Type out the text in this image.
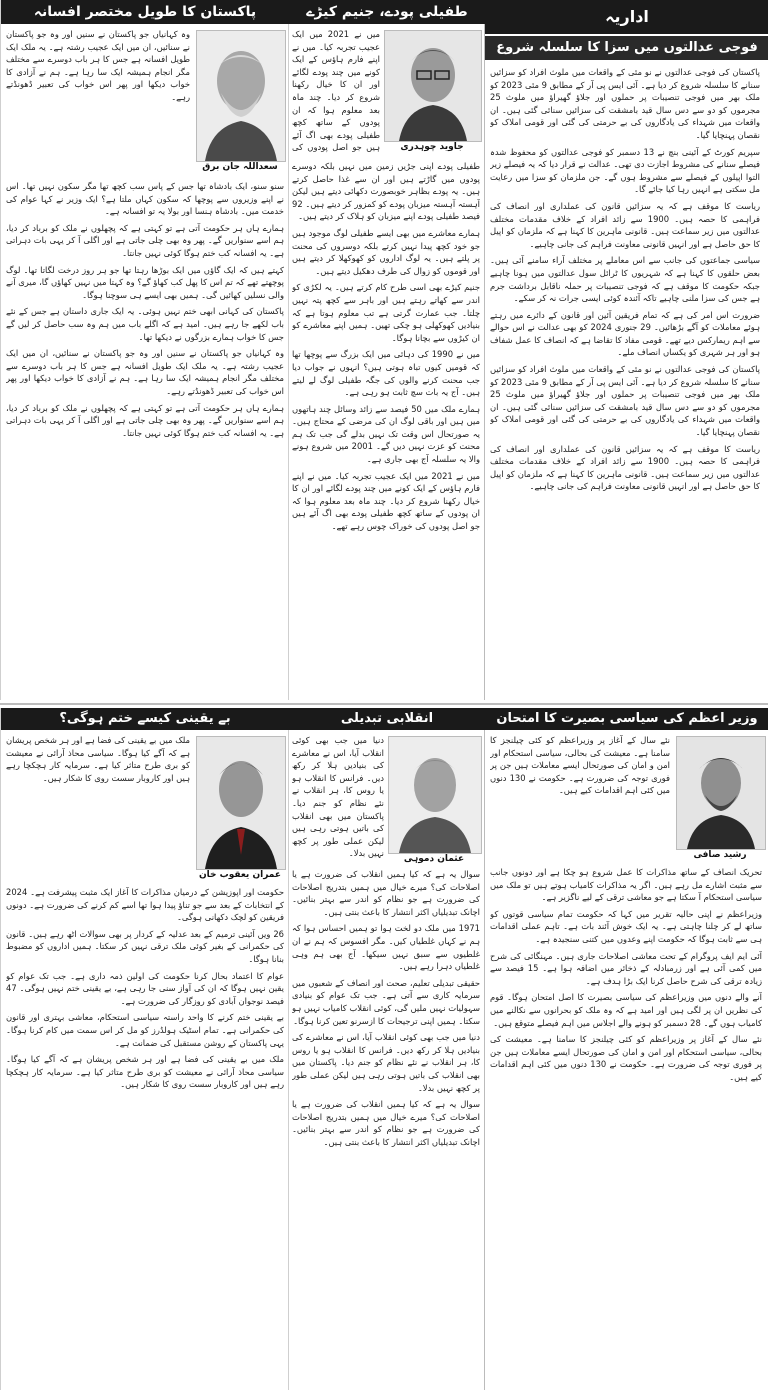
اداریہ
فوجی عدالتوں میں سزا کا سلسلہ شروع

پاکستان کی فوجی عدالتوں نے نو مئی کے واقعات میں ملوث افراد کو سزائیں سنانے کا سلسلہ شروع کر دیا ہے۔ آئی ایس پی آر کے مطابق 9 مئی 2023 کو ملک بھر میں فوجی تنصیبات پر حملوں اور جلاؤ گھیراؤ میں ملوث 25 مجرموں کو دو سے دس سال قید بامشقت کی سزائیں سنائی گئی ہیں۔ ان واقعات میں شہداء کی یادگاروں کی بے حرمتی کی گئی اور قومی املاک کو نقصان پہنچایا گیا۔

سپریم کورٹ کے آئینی بنچ نے 13 دسمبر کو فوجی عدالتوں کو محفوظ شدہ فیصلے سنانے کی مشروط اجازت دی تھی۔ عدالت نے قرار دیا کہ یہ فیصلے زیر التوا اپیلوں کے فیصلے سے مشروط ہوں گے۔ جن ملزمان کو سزا میں رعایت مل سکتی ہے انہیں رہا کیا جائے گا۔

ریاست کا موقف ہے کہ یہ سزائیں قانون کی عملداری اور انصاف کی فراہمی کا حصہ ہیں۔ 1900 سے زائد افراد کے خلاف مقدمات مختلف عدالتوں میں زیر سماعت ہیں۔ قانونی ماہرین کا کہنا ہے کہ ملزمان کو اپیل کا حق حاصل ہے اور انہیں قانونی معاونت فراہم کی جانی چاہیے۔

سیاسی جماعتوں کی جانب سے اس معاملے پر مختلف آراء سامنے آئی ہیں۔ بعض حلقوں کا کہنا ہے کہ شہریوں کا ٹرائل سول عدالتوں میں ہونا چاہیے جبکہ حکومت کا موقف ہے کہ فوجی تنصیبات پر حملہ ناقابل برداشت جرم ہے جس کی سزا ملنی چاہیے تاکہ آئندہ کوئی ایسی جرات نہ کر سکے۔

ضرورت اس امر کی ہے کہ تمام فریقین آئین اور قانون کے دائرے میں رہتے ہوئے معاملات کو آگے بڑھائیں۔ 29 جنوری 2024 کو بھی عدالت نے اس حوالے سے اہم ریمارکس دیے تھے۔ قومی مفاد کا تقاضا ہے کہ انصاف کا عمل شفاف ہو اور ہر شہری کو یکساں انصاف ملے۔

پاکستان کی فوجی عدالتوں نے نو مئی کے واقعات میں ملوث افراد کو سزائیں سنانے کا سلسلہ شروع کر دیا ہے۔ آئی ایس پی آر کے مطابق 9 مئی 2023 کو ملک بھر میں فوجی تنصیبات پر حملوں اور جلاؤ گھیراؤ میں ملوث 25 مجرموں کو دو سے دس سال قید بامشقت کی سزائیں سنائی گئی ہیں۔ ان واقعات میں شہداء کی یادگاروں کی بے حرمتی کی گئی اور قومی املاک کو نقصان پہنچایا گیا۔

ریاست کا موقف ہے کہ یہ سزائیں قانون کی عملداری اور انصاف کی فراہمی کا حصہ ہیں۔ 1900 سے زائد افراد کے خلاف مقدمات مختلف عدالتوں میں زیر سماعت ہیں۔ قانونی ماہرین کا کہنا ہے کہ ملزمان کو اپیل کا حق حاصل ہے اور انہیں قانونی معاونت فراہم کی جانی چاہیے۔

طفیلی پودے، جنیم کیڑے
جاوید چوہدری

میں نے 2021 میں ایک عجیب تجربہ کیا۔ میں نے اپنے فارم ہاؤس کے ایک کونے میں چند پودے لگائے اور ان کا خیال رکھنا شروع کر دیا۔ چند ماہ بعد معلوم ہوا کہ ان پودوں کے ساتھ کچھ طفیلی پودے بھی اگ آئے ہیں جو اصل پودوں کی

طفیلی پودے اپنی جڑیں زمین میں نہیں بلکہ دوسرے پودوں میں گاڑتے ہیں اور ان سے غذا حاصل کرتے ہیں۔ یہ پودے بظاہر خوبصورت دکھائی دیتے ہیں لیکن آہستہ آہستہ میزبان پودے کو کمزور کر دیتے ہیں۔ 92 فیصد طفیلی پودے اپنے میزبان کو ہلاک کر دیتے ہیں۔

ہمارے معاشرے میں بھی ایسے طفیلی لوگ موجود ہیں جو خود کچھ پیدا نہیں کرتے بلکہ دوسروں کی محنت پر پلتے ہیں۔ یہ لوگ اداروں کو کھوکھلا کر دیتے ہیں اور قوموں کو زوال کی طرف دھکیل دیتے ہیں۔

جنیم کیڑے بھی اسی طرح کام کرتے ہیں۔ یہ لکڑی کو اندر سے کھاتے رہتے ہیں اور باہر سے کچھ پتہ نہیں چلتا۔ جب عمارت گرتی ہے تب معلوم ہوتا ہے کہ بنیادیں کھوکھلی ہو چکی تھیں۔ ہمیں اپنے معاشرے کو ان کیڑوں سے بچانا ہوگا۔

میں نے 1990 کی دہائی میں ایک بزرگ سے پوچھا تھا کہ قومیں کیوں تباہ ہوتی ہیں؟ انہوں نے جواب دیا جب محنت کرنے والوں کی جگہ طفیلی لوگ لے لیتے ہیں۔ آج یہ بات سچ ثابت ہو رہی ہے۔

ہمارے ملک میں 50 فیصد سے زائد وسائل چند ہاتھوں میں ہیں اور باقی لوگ ان کی مرضی کے محتاج ہیں۔ یہ صورتحال اس وقت تک نہیں بدلے گی جب تک ہم محنت کو عزت نہیں دیں گے۔ 2001 میں شروع ہونے والا یہ سلسلہ آج بھی جاری ہے۔

میں نے 2021 میں ایک عجیب تجربہ کیا۔ میں نے اپنے فارم ہاؤس کے ایک کونے میں چند پودے لگائے اور ان کا خیال رکھنا شروع کر دیا۔ چند ماہ بعد معلوم ہوا کہ ان پودوں کے ساتھ کچھ طفیلی پودے بھی اگ آئے ہیں جو اصل پودوں کی خوراک چوس رہے تھے۔

پاکستان کا طویل مختصر افسانہ
سعداللہ جان برق

وہ کہانیاں جو پاکستان نے سنیں اور وہ جو پاکستان نے سنائیں، ان میں ایک عجیب رشتہ ہے۔ یہ ملک ایک طویل افسانہ ہے جس کا ہر باب دوسرے سے مختلف مگر انجام ہمیشہ ایک سا رہا ہے۔ ہم نے آزادی کا خواب دیکھا اور پھر اس خواب کی تعبیر ڈھونڈتے رہے۔

سنو سنو، ایک بادشاہ تھا جس کے پاس سب کچھ تھا مگر سکون نہیں تھا۔ اس نے اپنے وزیروں سے پوچھا کہ سکون کہاں ملتا ہے؟ ایک وزیر نے کہا عوام کی خدمت میں۔ بادشاہ ہنسا اور بولا یہ تو افسانہ ہے۔

ہمارے ہاں ہر حکومت آتی ہے تو کہتی ہے کہ پچھلوں نے ملک کو برباد کر دیا، ہم اسے سنواریں گے۔ پھر وہ بھی چلی جاتی ہے اور اگلی آ کر یہی بات دہراتی ہے۔ یہ افسانہ کب ختم ہوگا کوئی نہیں جانتا۔

کہتے ہیں کہ ایک گاؤں میں ایک بوڑھا رہتا تھا جو ہر روز درخت لگاتا تھا۔ لوگ پوچھتے تھے کہ تم اس کا پھل کب کھاؤ گے؟ وہ کہتا میں نہیں کھاؤں گا، میری آنے والی نسلیں کھائیں گی۔ ہمیں بھی ایسے ہی سوچنا ہوگا۔

پاکستان کی کہانی ابھی ختم نہیں ہوئی۔ یہ ایک جاری داستان ہے جس کے نئے باب لکھے جا رہے ہیں۔ امید ہے کہ اگلے باب میں ہم وہ سب حاصل کر لیں گے جس کا خواب ہمارے بزرگوں نے دیکھا تھا۔

وہ کہانیاں جو پاکستان نے سنیں اور وہ جو پاکستان نے سنائیں، ان میں ایک عجیب رشتہ ہے۔ یہ ملک ایک طویل افسانہ ہے جس کا ہر باب دوسرے سے مختلف مگر انجام ہمیشہ ایک سا رہا ہے۔ ہم نے آزادی کا خواب دیکھا اور پھر اس خواب کی تعبیر ڈھونڈتے رہے۔

ہمارے ہاں ہر حکومت آتی ہے تو کہتی ہے کہ پچھلوں نے ملک کو برباد کر دیا، ہم اسے سنواریں گے۔ پھر وہ بھی چلی جاتی ہے اور اگلی آ کر یہی بات دہراتی ہے۔ یہ افسانہ کب ختم ہوگا کوئی نہیں جانتا۔

وزیر اعظم کی سیاسی بصیرت کا امتحان
رشید صافی

نئے سال کے آغاز پر وزیراعظم کو کئی چیلنجز کا سامنا ہے۔ معیشت کی بحالی، سیاسی استحکام اور امن و امان کی صورتحال ایسے معاملات ہیں جن پر فوری توجہ کی ضرورت ہے۔ حکومت نے 130 دنوں میں کئی اہم اقدامات کیے ہیں۔

تحریک انصاف کے ساتھ مذاکرات کا عمل شروع ہو چکا ہے اور دونوں جانب سے مثبت اشارے مل رہے ہیں۔ اگر یہ مذاکرات کامیاب ہوتے ہیں تو ملک میں سیاسی استحکام آ سکتا ہے جو معاشی ترقی کے لیے ناگزیر ہے۔

وزیراعظم نے اپنی حالیہ تقریر میں کہا کہ حکومت تمام سیاسی قوتوں کو ساتھ لے کر چلنا چاہتی ہے۔ یہ ایک خوش آئند بات ہے۔ تاہم عملی اقدامات ہی سے ثابت ہوگا کہ حکومت اپنے وعدوں میں کتنی سنجیدہ ہے۔

آئی ایم ایف پروگرام کے تحت معاشی اصلاحات جاری ہیں۔ مہنگائی کی شرح میں کمی آئی ہے اور زرمبادلہ کے ذخائر میں اضافہ ہوا ہے۔ 15 فیصد سے زیادہ ترقی کی شرح حاصل کرنا ایک بڑا ہدف ہے۔

آنے والے دنوں میں وزیراعظم کی سیاسی بصیرت کا اصل امتحان ہوگا۔ قوم کی نظریں ان پر لگی ہیں اور امید ہے کہ وہ ملک کو بحرانوں سے نکالنے میں کامیاب ہوں گے۔ 28 دسمبر کو ہونے والے اجلاس میں اہم فیصلے متوقع ہیں۔

نئے سال کے آغاز پر وزیراعظم کو کئی چیلنجز کا سامنا ہے۔ معیشت کی بحالی، سیاسی استحکام اور امن و امان کی صورتحال ایسے معاملات ہیں جن پر فوری توجہ کی ضرورت ہے۔ حکومت نے 130 دنوں میں کئی اہم اقدامات کیے ہیں۔

انقلابی تبدیلی
عثمان دموہی

دنیا میں جب بھی کوئی انقلاب آیا، اس نے معاشرے کی بنیادیں ہلا کر رکھ دیں۔ فرانس کا انقلاب ہو یا روس کا، ہر انقلاب نے نئے نظام کو جنم دیا۔ پاکستان میں بھی انقلاب کی باتیں ہوتی رہی ہیں لیکن عملی طور پر کچھ نہیں بدلا۔

سوال یہ ہے کہ کیا ہمیں انقلاب کی ضرورت ہے یا اصلاحات کی؟ میرے خیال میں ہمیں بتدریج اصلاحات کی ضرورت ہے جو نظام کو اندر سے بہتر بنائیں۔ اچانک تبدیلیاں اکثر انتشار کا باعث بنتی ہیں۔

1971 میں ملک دو لخت ہوا تو ہمیں احساس ہوا کہ ہم نے کہاں غلطیاں کیں۔ مگر افسوس کہ ہم نے ان غلطیوں سے سبق نہیں سیکھا۔ آج بھی ہم وہی غلطیاں دہرا رہے ہیں۔

حقیقی تبدیلی تعلیم، صحت اور انصاف کے شعبوں میں سرمایہ کاری سے آتی ہے۔ جب تک عوام کو بنیادی سہولیات نہیں ملیں گی، کوئی انقلاب کامیاب نہیں ہو سکتا۔ ہمیں اپنی ترجیحات کا ازسرنو تعین کرنا ہوگا۔

دنیا میں جب بھی کوئی انقلاب آیا، اس نے معاشرے کی بنیادیں ہلا کر رکھ دیں۔ فرانس کا انقلاب ہو یا روس کا، ہر انقلاب نے نئے نظام کو جنم دیا۔ پاکستان میں بھی انقلاب کی باتیں ہوتی رہی ہیں لیکن عملی طور پر کچھ نہیں بدلا۔

سوال یہ ہے کہ کیا ہمیں انقلاب کی ضرورت ہے یا اصلاحات کی؟ میرے خیال میں ہمیں بتدریج اصلاحات کی ضرورت ہے جو نظام کو اندر سے بہتر بنائیں۔ اچانک تبدیلیاں اکثر انتشار کا باعث بنتی ہیں۔

بے یقینی کیسے ختم ہوگی؟
عمران یعقوب خان

ملک میں بے یقینی کی فضا ہے اور ہر شخص پریشان ہے کہ آگے کیا ہوگا۔ سیاسی محاذ آرائی نے معیشت کو بری طرح متاثر کیا ہے۔ سرمایہ کار ہچکچا رہے ہیں اور کاروبار سست روی کا شکار ہیں۔

حکومت اور اپوزیشن کے درمیان مذاکرات کا آغاز ایک مثبت پیشرفت ہے۔ 2024 کے انتخابات کے بعد سے جو تناؤ پیدا ہوا تھا اسے کم کرنے کی ضرورت ہے۔ دونوں فریقین کو لچک دکھانی ہوگی۔

26 ویں آئینی ترمیم کے بعد عدلیہ کے کردار پر بھی سوالات اٹھ رہے ہیں۔ قانون کی حکمرانی کے بغیر کوئی ملک ترقی نہیں کر سکتا۔ ہمیں اداروں کو مضبوط بنانا ہوگا۔

عوام کا اعتماد بحال کرنا حکومت کی اولین ذمہ داری ہے۔ جب تک عوام کو یقین نہیں ہوگا کہ ان کی آواز سنی جا رہی ہے، بے یقینی ختم نہیں ہوگی۔ 47 فیصد نوجوان آبادی کو روزگار کی ضرورت ہے۔

بے یقینی ختم کرنے کا واحد راستہ سیاسی استحکام، معاشی بہتری اور قانون کی حکمرانی ہے۔ تمام اسٹیک ہولڈرز کو مل کر اس سمت میں کام کرنا ہوگا۔ یہی پاکستان کے روشن مستقبل کی ضمانت ہے۔

ملک میں بے یقینی کی فضا ہے اور ہر شخص پریشان ہے کہ آگے کیا ہوگا۔ سیاسی محاذ آرائی نے معیشت کو بری طرح متاثر کیا ہے۔ سرمایہ کار ہچکچا رہے ہیں اور کاروبار سست روی کا شکار ہیں۔
